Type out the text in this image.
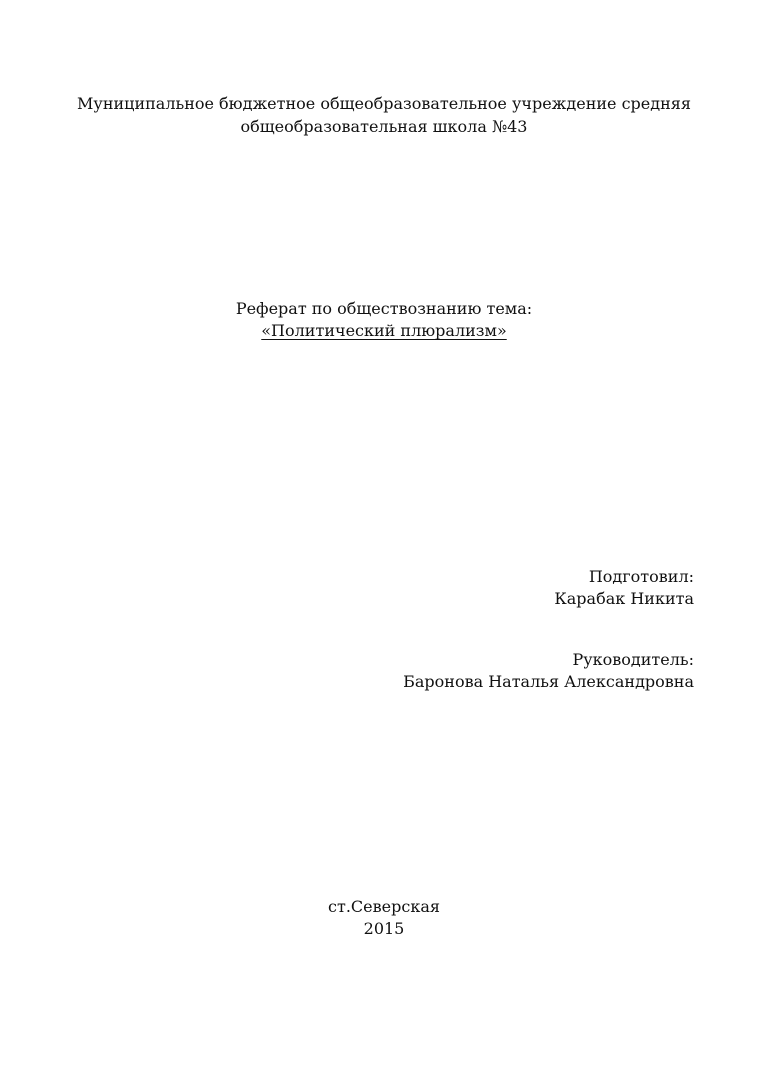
Муниципальное бюджетное общеобразовательное учреждение средняя

общеобразовательная школа №43

Реферат по обществознанию тема:

«Политический плюрализм»

Подготовил:

Карабак Никита

Руководитель:

Баронова Наталья Александровна

ст.Северская

2015
